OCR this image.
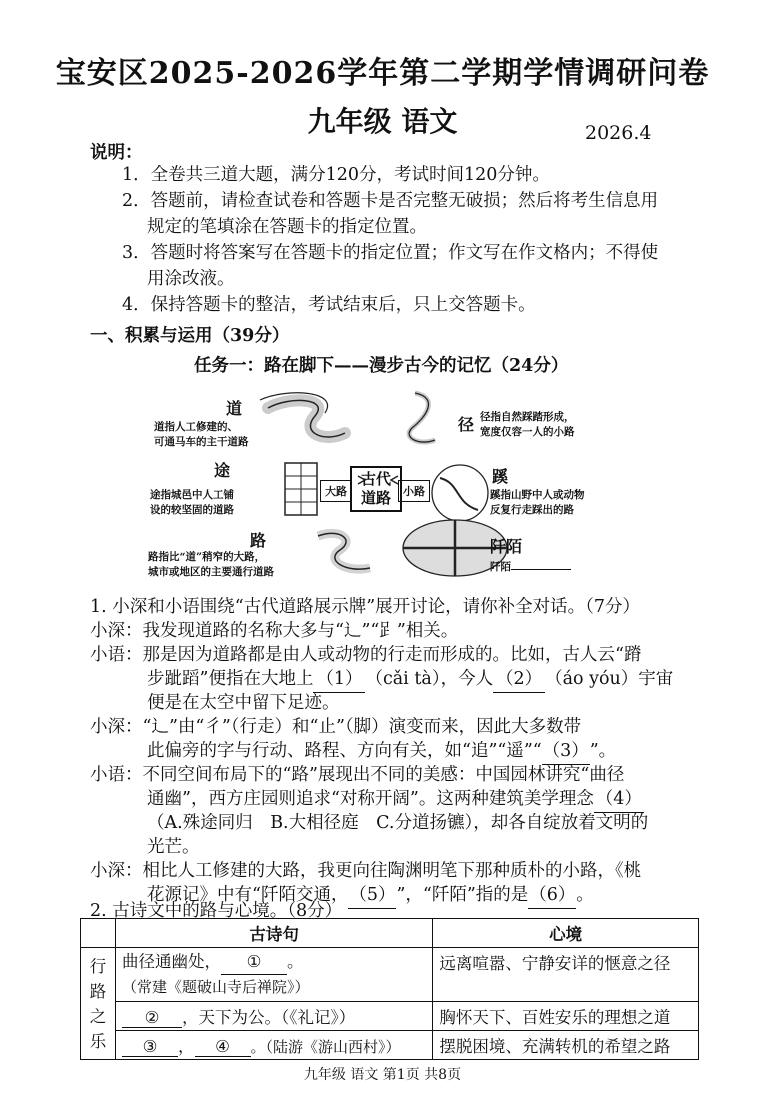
宝安区2025-2026学年第二学期学情调研问卷
九年级 语文	2026.4
说明：
1．全卷共三道大题，满分120分，考试时间120分钟。
2．答题前，请检查试卷和答题卡是否完整无破损；然后将考生信息用
规定的笔填涂在答题卡的指定位置。
3．答题时将答案写在答题卡的指定位置；作文写在作文格内；不得使
用涂改液。
4．保持答题卡的整洁，考试结束后，只上交答题卡。
一、积累与运用（39分）
任务一：路在脚下——漫步古今的记忆（24分）
道
道指人工修建的、
可通马车的主干道路
途
途指城邑中人工铺
设的较坚固的道路
路
路指比“道”稍窄的大路，
城市或地区的主要通行道路
大路
古代道路	小路
径 径指自然踩踏形成，
宽度仅容一人的小路
蹊
蹊指山野中人或动物
反复行走踩出的路
阡陌
阡陌
1. 小深和小语围绕“古代道路展示牌”展开讨论，请你补全对话。（7分）
小深：我发现道路的名称大多与“辶”“𧾷”相关。
小语：那是因为道路都是由人或动物的行走而形成的。比如，古人云“蹐
步跐蹈”便指在大地上 （1） （cǎi tà），今人 （2） （áo yóu）宇宙
便是在太空中留下足迹。
小深：“辶”由“彳”（行走）和“止”（脚）演变而来，因此大多数带
此偏旁的字与行动、路程、方向有关，如“追”“遥”“（3）”。
小语：不同空间布局下的“路”展现出不同的美感：中国园林讲究“曲径
通幽”，西方庄园则追求“对称开阔”。这两种建筑美学理念 （4）
（A.殊途同归　B.大相径庭　C.分道扬镳），却各自绽放着文明的
光芒。
小深：相比人工修建的大路，我更向往陶渊明笔下那种质朴的小路，《桃
花源记》中有“阡陌交通，（5）”，“阡陌”指的是（6）。
2. 古诗文中的路与心境。（8分）
	古诗句	心境
行路之乐	曲径通幽处， ① 。
（常建《题破山寺后禅院》）	远离喧嚣、宁静安详的惬意之径
	② ，天下为公。（《礼记》）	胸怀天下、百姓安乐的理想之道
	③ ， ④ 。（陆游《游山西村》）	摆脱困境、充满转机的希望之路
九年级 语文 第1页 共8页
